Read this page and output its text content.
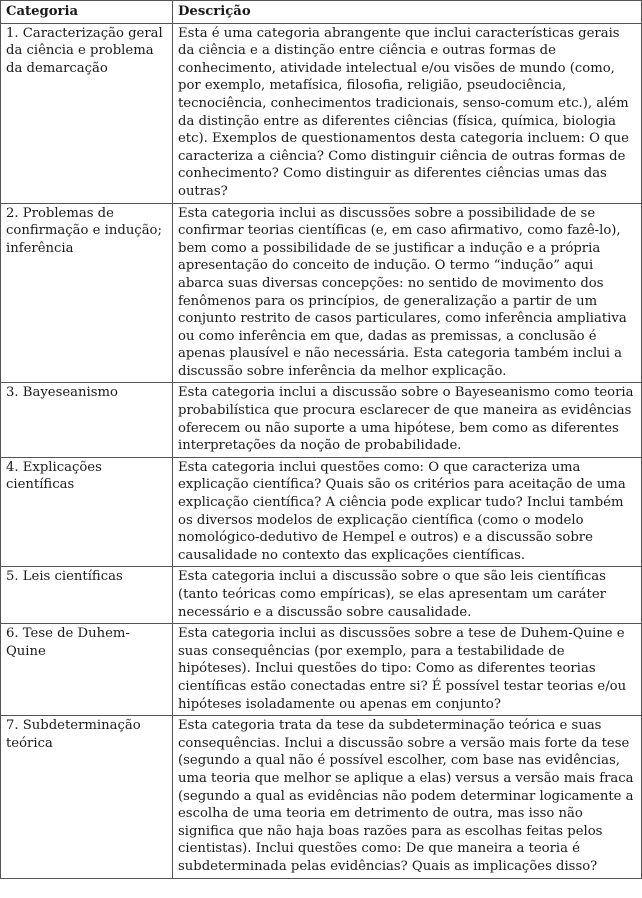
Categoria	Descrição
1. Caracterização geral da ciência e problema da demarcação	Esta é uma categoria abrangente que inclui características gerais da ciência e a distinção entre ciência e outras formas de conhecimento, atividade intelectual e/ou visões de mundo (como, por exemplo, metafísica, filosofia, religião, pseudociência, tecnociência, conhecimentos tradicionais, senso-comum etc.), além da distinção entre as diferentes ciências (física, química, biologia etc). Exemplos de questionamentos desta categoria incluem: O que caracteriza a ciência? Como distinguir ciência de outras formas de conhecimento? Como distinguir as diferentes ciências umas das outras?
2. Problemas de confirmação e indução; inferência	Esta categoria inclui as discussões sobre a possibilidade de se confirmar teorias científicas (e, em caso afirmativo, como fazê-lo), bem como a possibilidade de se justificar a indução e a própria apresentação do conceito de indução. O termo “indução” aqui abarca suas diversas concepções: no sentido de movimento dos fenômenos para os princípios, de generalização a partir de um conjunto restrito de casos particulares, como inferência ampliativa ou como inferência em que, dadas as premissas, a conclusão é apenas plausível e não necessária. Esta categoria também inclui a discussão sobre inferência da melhor explicação.
3. Bayeseanismo	Esta categoria inclui a discussão sobre o Bayeseanismo como teoria probabilística que procura esclarecer de que maneira as evidências oferecem ou não suporte a uma hipótese, bem como as diferentes interpretações da noção de probabilidade.
4. Explicações científicas	Esta categoria inclui questões como: O que caracteriza uma explicação científica? Quais são os critérios para aceitação de uma explicação científica? A ciência pode explicar tudo? Inclui também os diversos modelos de explicação científica (como o modelo nomológico-dedutivo de Hempel e outros) e a discussão sobre causalidade no contexto das explicações científicas.
5. Leis científicas	Esta categoria inclui a discussão sobre o que são leis científicas (tanto teóricas como empíricas), se elas apresentam um caráter necessário e a discussão sobre causalidade.
6. Tese de Duhem-Quine	Esta categoria inclui as discussões sobre a tese de Duhem-Quine e suas consequências (por exemplo, para a testabilidade de hipóteses). Inclui questões do tipo: Como as diferentes teorias científicas estão conectadas entre si? É possível testar teorias e/ou hipóteses isoladamente ou apenas em conjunto?
7. Subdeterminação teórica	Esta categoria trata da tese da subdeterminação teórica e suas consequências. Inclui a discussão sobre a versão mais forte da tese (segundo a qual não é possível escolher, com base nas evidências, uma teoria que melhor se aplique a elas) versus a versão mais fraca (segundo a qual as evidências não podem determinar logicamente a escolha de uma teoria em detrimento de outra, mas isso não significa que não haja boas razões para as escolhas feitas pelos cientistas). Inclui questões como: De que maneira a teoria é subdeterminada pelas evidências? Quais as implicações disso?
